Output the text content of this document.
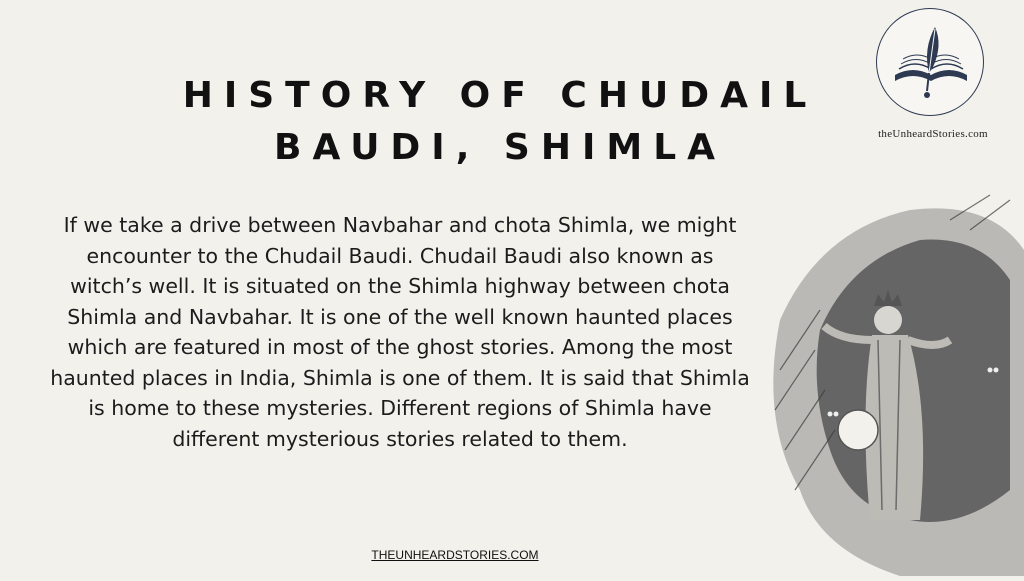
HISTORY OF CHUDAIL BAUDI, SHIMLA

If we take a drive between Navbahar and chota Shimla, we might encounter to the Chudail Baudi. Chudail Baudi also known as witch’s well. It is situated on the Shimla highway between chota Shimla and Navbahar. It is one of the well known haunted places which are featured in most of the ghost stories. Among the most haunted places in India, Shimla is one of them. It is said that Shimla is home to these mysteries. Different regions of Shimla have different mysterious stories related to them.

THEUNHEARDSTORIES.COM
theUnheardStories.com
